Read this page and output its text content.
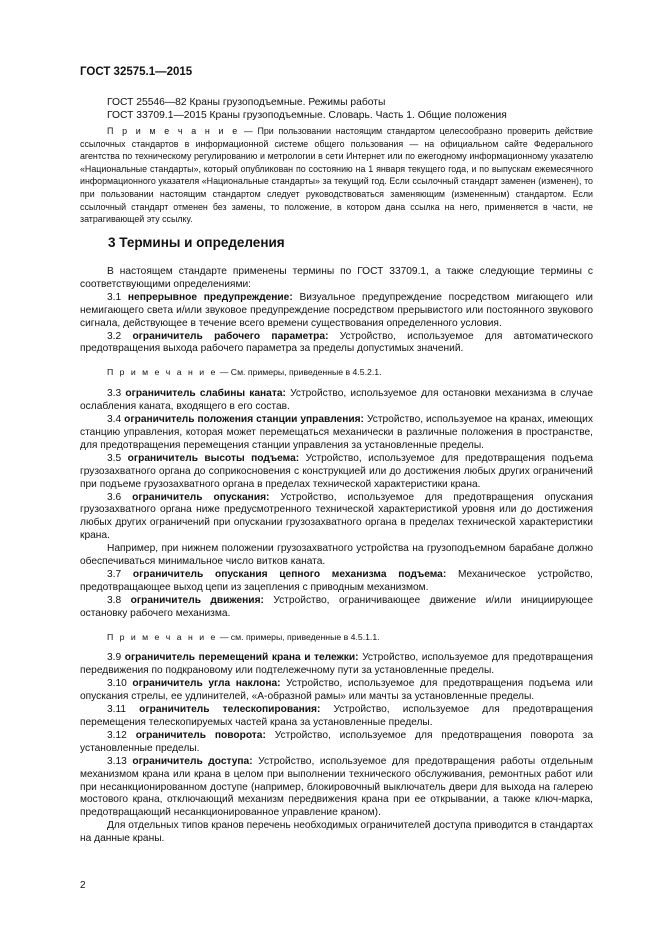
ГОСТ 32575.1—2015
ГОСТ 25546—82 Краны грузоподъемные. Режимы работы
ГОСТ 33709.1—2015 Краны грузоподъемные. Словарь. Часть 1. Общие положения
П р и м е ч а н и е — При пользовании настоящим стандартом целесообразно проверить действие ссылочных стандартов в информационной системе общего пользования — на официальном сайте Федерального агентства по техническому регулированию и метрологии в сети Интернет или по ежегодному информационному указателю «Национальные стандарты», который опубликован по состоянию на 1 января текущего года, и по выпускам ежемесячного информационного указателя «Национальные стандарты» за текущий год. Если ссылочный стандарт заменен (изменен), то при пользовании настоящим стандартом следует руководствоваться заменяющим (измененным) стандартом. Если ссылочный стандарт отменен без замены, то положение, в котором дана ссылка на него, применяется в части, не затрагивающей эту ссылку.
3 Термины и определения

В настоящем стандарте применены термины по ГОСТ 33709.1, а также следующие термины с соответствующими определениями:

3.1 непрерывное предупреждение: Визуальное предупреждение посредством мигающего или немигающего света и/или звуковое предупреждение посредством прерывистого или постоянного звукового сигнала, действующее в течение всего времени существования определенного условия.

3.2 ограничитель рабочего параметра: Устройство, используемое для автоматического предотвращения выхода рабочего параметра за пределы допустимых значений.

П р и м е ч а н и е — См. примеры, приведенные в 4.5.2.1.

3.3 ограничитель слабины каната: Устройство, используемое для остановки механизма в случае ослабления каната, входящего в его состав.

3.4 ограничитель положения станции управления: Устройство, используемое на кранах, имеющих станцию управления, которая может перемещаться механически в различные положения в пространстве, для предотвращения перемещения станции управления за установленные пределы.

3.5 ограничитель высоты подъема: Устройство, используемое для предотвращения подъема грузозахватного органа до соприкосновения с конструкцией или до достижения любых других ограничений при подъеме грузозахватного органа в пределах технической характеристики крана.

3.6 ограничитель опускания: Устройство, используемое для предотвращения опускания грузозахватного органа ниже предусмотренного технической характеристикой уровня или до достижения любых других ограничений при опускании грузозахватного органа в пределах технической характеристики крана.

Например, при нижнем положении грузозахватного устройства на грузоподъемном барабане должно обеспечиваться минимальное число витков каната.

3.7 ограничитель опускания цепного механизма подъема: Механическое устройство, предотвращающее выход цепи из зацепления с приводным механизмом.

3.8 ограничитель движения: Устройство, ограничивающее движение и/или инициирующее остановку рабочего механизма.

П р и м е ч а н и е — см. примеры, приведенные в 4.5.1.1.

3.9 ограничитель перемещений крана и тележки: Устройство, используемое для предотвращения передвижения по подкрановому или подтележечному пути за установленные пределы.

3.10 ограничитель угла наклона: Устройство, используемое для предотвращения подъема или опускания стрелы, ее удлинителей, «А-образной рамы» или мачты за установленные пределы.

3.11 ограничитель телескопирования: Устройство, используемое для предотвращения перемещения телескопируемых частей крана за установленные пределы.

3.12 ограничитель поворота: Устройство, используемое для предотвращения поворота за установленные пределы.

3.13 ограничитель доступа: Устройство, используемое для предотвращения работы отдельным механизмом крана или крана в целом при выполнении технического обслуживания, ремонтных работ или при несанкционированном доступе (например, блокировочный выключатель двери для выхода на галерею мостового крана, отключающий механизм передвижения крана при ее открывании, а также ключ-марка, предотвращающий несанкционированное управление краном).

Для отдельных типов кранов перечень необходимых ограничителей доступа приводится в стандартах на данные краны.

2
